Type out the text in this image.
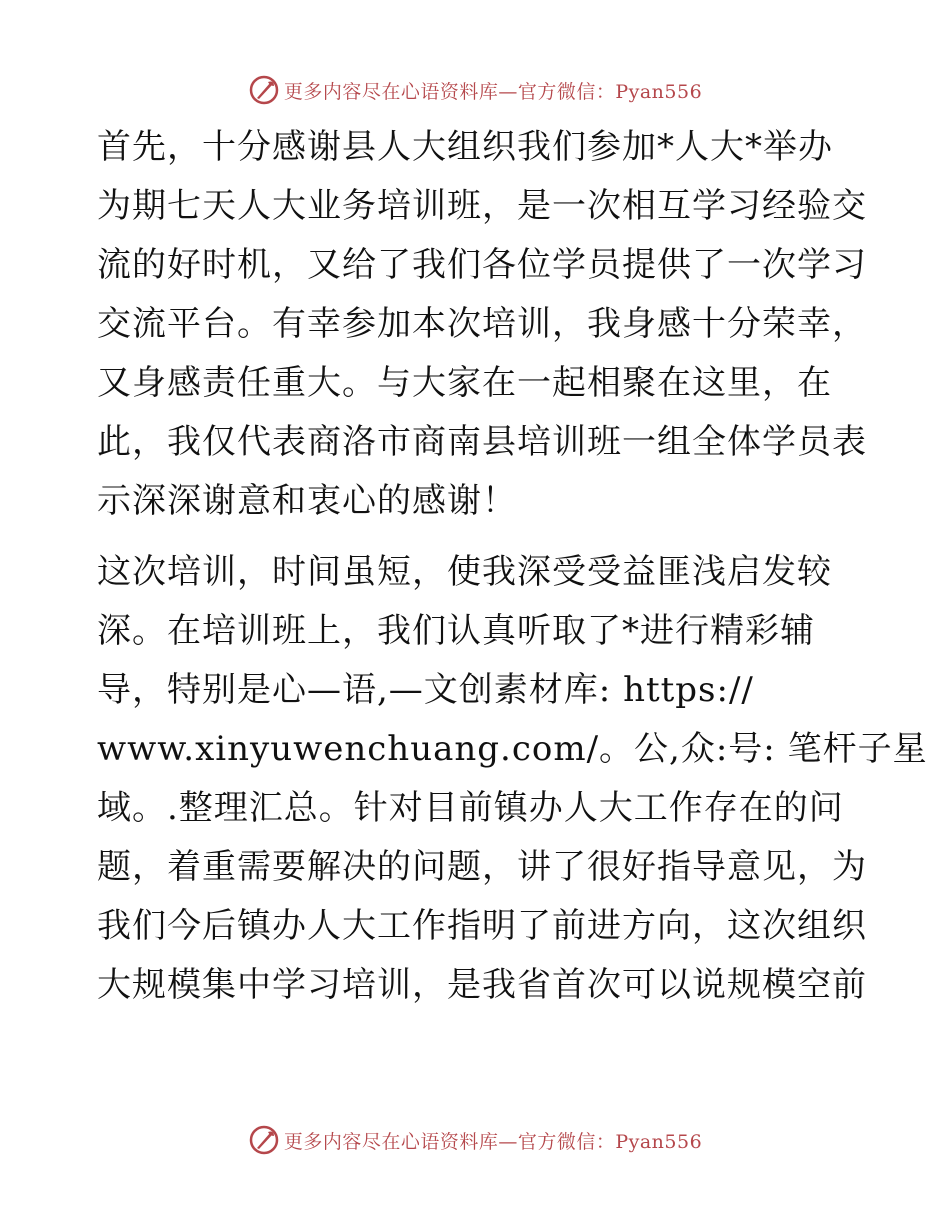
更多内容尽在心语资料库—官方微信：Pyan556
首先，十分感谢县人大组织我们参加*人大*举办
为期七天人大业务培训班，是一次相互学习经验交
流的好时机，又给了我们各位学员提供了一次学习
交流平台。有幸参加本次培训，我身感十分荣幸，
又身感责任重大。与大家在一起相聚在这里，在
此，我仅代表商洛市商南县培训班一组全体学员表
示深深谢意和衷心的感谢！
这次培训，时间虽短，使我深受受益匪浅启发较
深。在培训班上，我们认真听取了*进行精彩辅
导，特别是心—语,—文创素材库: https://
www.xinyuwenchuang.com/。公,众:号: 笔杆子星
域。.整理汇总。针对目前镇办人大工作存在的问
题，着重需要解决的问题，讲了很好指导意见，为
我们今后镇办人大工作指明了前进方向，这次组织
大规模集中学习培训，是我省首次可以说规模空前
更多内容尽在心语资料库—官方微信：Pyan556
